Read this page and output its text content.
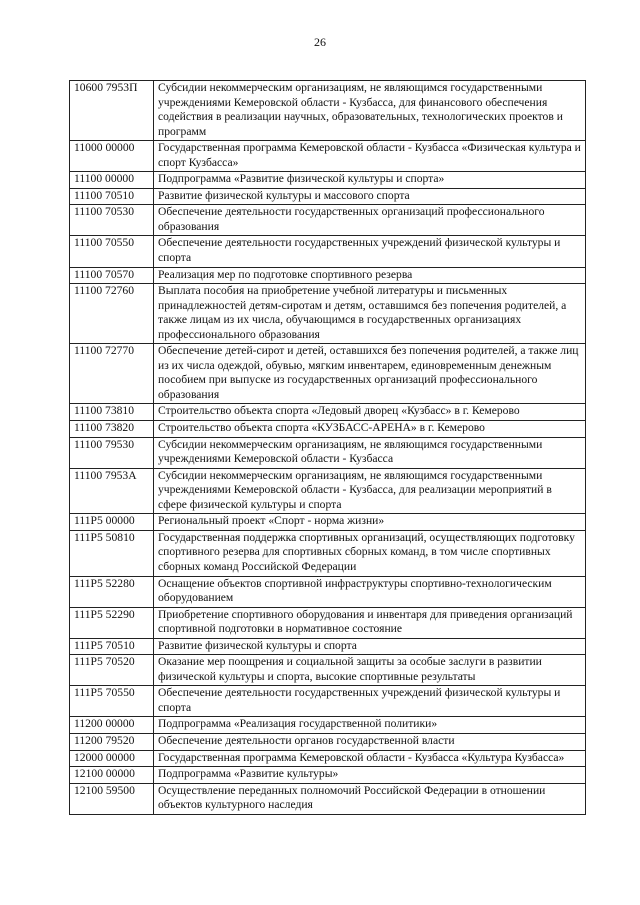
26
10600 7953П	Субсидии некоммерческим организациям, не являющимся государственными учреждениями Кемеровской области - Кузбасса, для финансового обеспечения содействия в реализации научных, образовательных, технологических проектов и программ
11000 00000	Государственная программа Кемеровской области - Кузбасса «Физическая культура и спорт Кузбасса»
11100 00000	Подпрограмма «Развитие физической культуры и спорта»
11100 70510	Развитие физической культуры и массового спорта
11100 70530	Обеспечение деятельности государственных организаций профессионального образования
11100 70550	Обеспечение деятельности государственных учреждений физической культуры и спорта
11100 70570	Реализация мер по подготовке спортивного резерва
11100 72760	Выплата пособия на приобретение учебной литературы и письменных принадлежностей детям-сиротам и детям, оставшимся без попечения родителей, а также лицам из их числа, обучающимся в государственных организациях профессионального образования
11100 72770	Обеспечение детей-сирот и детей, оставшихся без попечения родителей, а также лиц из их числа одеждой, обувью, мягким инвентарем, единовременным денежным пособием при выпуске из государственных организаций профессионального образования
11100 73810	Строительство объекта спорта «Ледовый дворец «Кузбасс» в г. Кемерово
11100 73820	Строительство объекта спорта «КУЗБАСС-АРЕНА» в г. Кемерово
11100 79530	Субсидии некоммерческим организациям, не являющимся государственными учреждениями Кемеровской области - Кузбасса
11100 7953А	Субсидии некоммерческим организациям, не являющимся государственными учреждениями Кемеровской области - Кузбасса, для реализации мероприятий в сфере физической культуры и спорта
111P5 00000	Региональный проект «Спорт - норма жизни»
111P5 50810	Государственная поддержка спортивных организаций, осуществляющих подготовку спортивного резерва для спортивных сборных команд, в том числе спортивных сборных команд Российской Федерации
111P5 52280	Оснащение объектов спортивной инфраструктуры спортивно-технологическим оборудованием
111P5 52290	Приобретение спортивного оборудования и инвентаря для приведения организаций спортивной подготовки в нормативное состояние
111P5 70510	Развитие физической культуры и спорта
111P5 70520	Оказание мер поощрения и социальной защиты за особые заслуги в развитии физической культуры и спорта, высокие спортивные результаты
111P5 70550	Обеспечение деятельности государственных учреждений физической культуры и спорта
11200 00000	Подпрограмма «Реализация государственной политики»
11200 79520	Обеспечение деятельности органов государственной власти
12000 00000	Государственная программа Кемеровской области - Кузбасса «Культура Кузбасса»
12100 00000	Подпрограмма «Развитие культуры»
12100 59500	Осуществление переданных полномочий Российской Федерации в отношении объектов культурного наследия
